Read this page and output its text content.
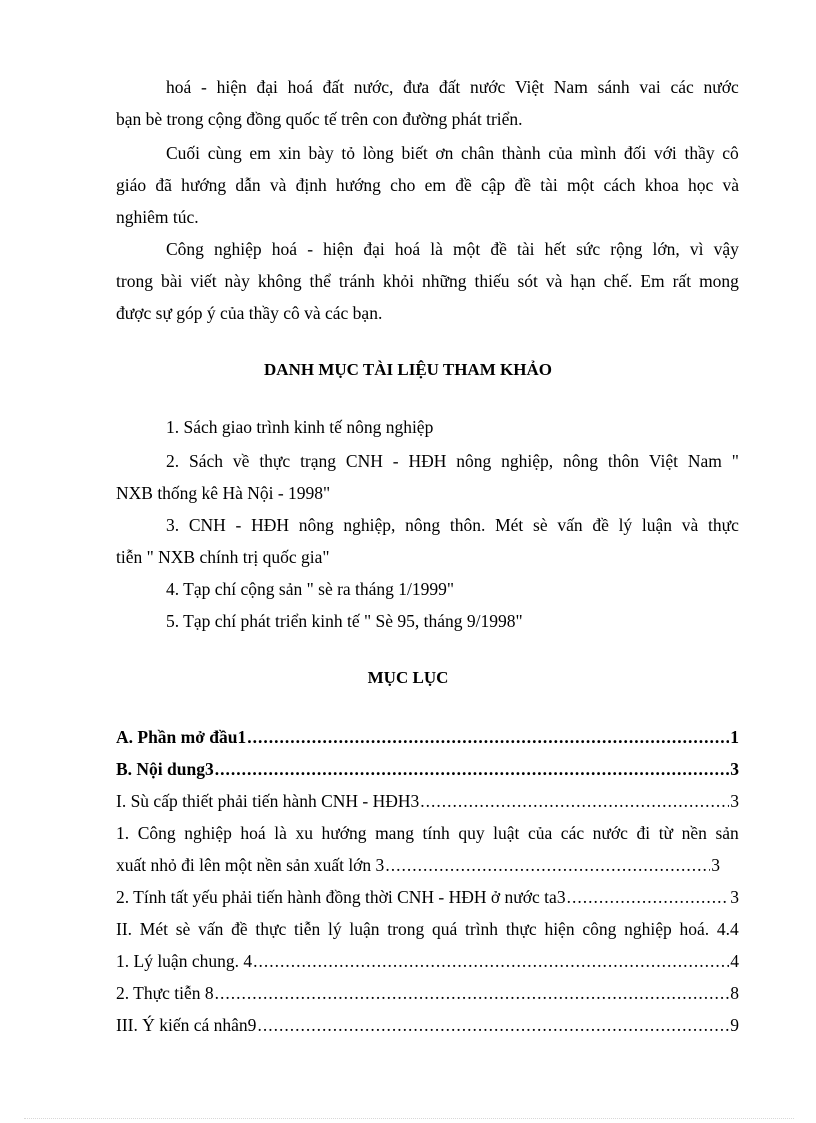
hoá - hiện đại hoá đất nước, đưa đất nước Việt Nam sánh vai các nước
bạn bè trong cộng đồng quốc tế trên con đường phát triển.
Cuối cùng em xin bày tỏ lòng biết ơn chân thành của mình đối với thầy cô
giáo đã hướng dẫn và định hướng cho em đề cập đề tài một cách khoa học và
nghiêm túc.
Công nghiệp hoá - hiện đại hoá là một đề tài hết sức rộng lớn, vì vậy
trong bài viết này không thể tránh khỏi những thiếu sót và hạn chế. Em rất mong
được sự góp ý của thầy cô và các bạn.
DANH MỤC TÀI LIỆU THAM KHẢO
1. Sách giao trình kinh tế nông nghiệp
2. Sách về thực trạng CNH - HĐH nông nghiệp, nông thôn Việt Nam "
NXB thống kê Hà Nội - 1998"
3. CNH - HĐH nông nghiệp, nông thôn. Mét sè vấn đề lý luận và thực
tiễn " NXB chính trị quốc gia"
4. Tạp chí cộng sản " sè ra tháng 1/1999"
5. Tạp chí phát triển kinh tế " Sè 95, tháng 9/1998"
MỤC LỤC
A. Phần mở đầu1 .....	1
B. Nội dung3 .....	3
I. Sù cấp thiết phải tiến hành CNH - HĐH3 .....	3
1. Công nghiệp hoá là xu hướng mang tính quy luật của các nước đi từ nền sản
xuất nhỏ đi lên một nền sản xuất lớn 3 .....	3
2. Tính tất yếu phải tiến hành đồng thời CNH - HĐH ở nước ta3 .....	3
II. Mét sè vấn đề thực tiễn lý luận trong quá trình thực hiện công nghiệp hoá. 4.4
1. Lý luận chung. 4 .....	4
2. Thực tiễn 8 .....	8
III. Ý kiến cá nhân9 .....	9
